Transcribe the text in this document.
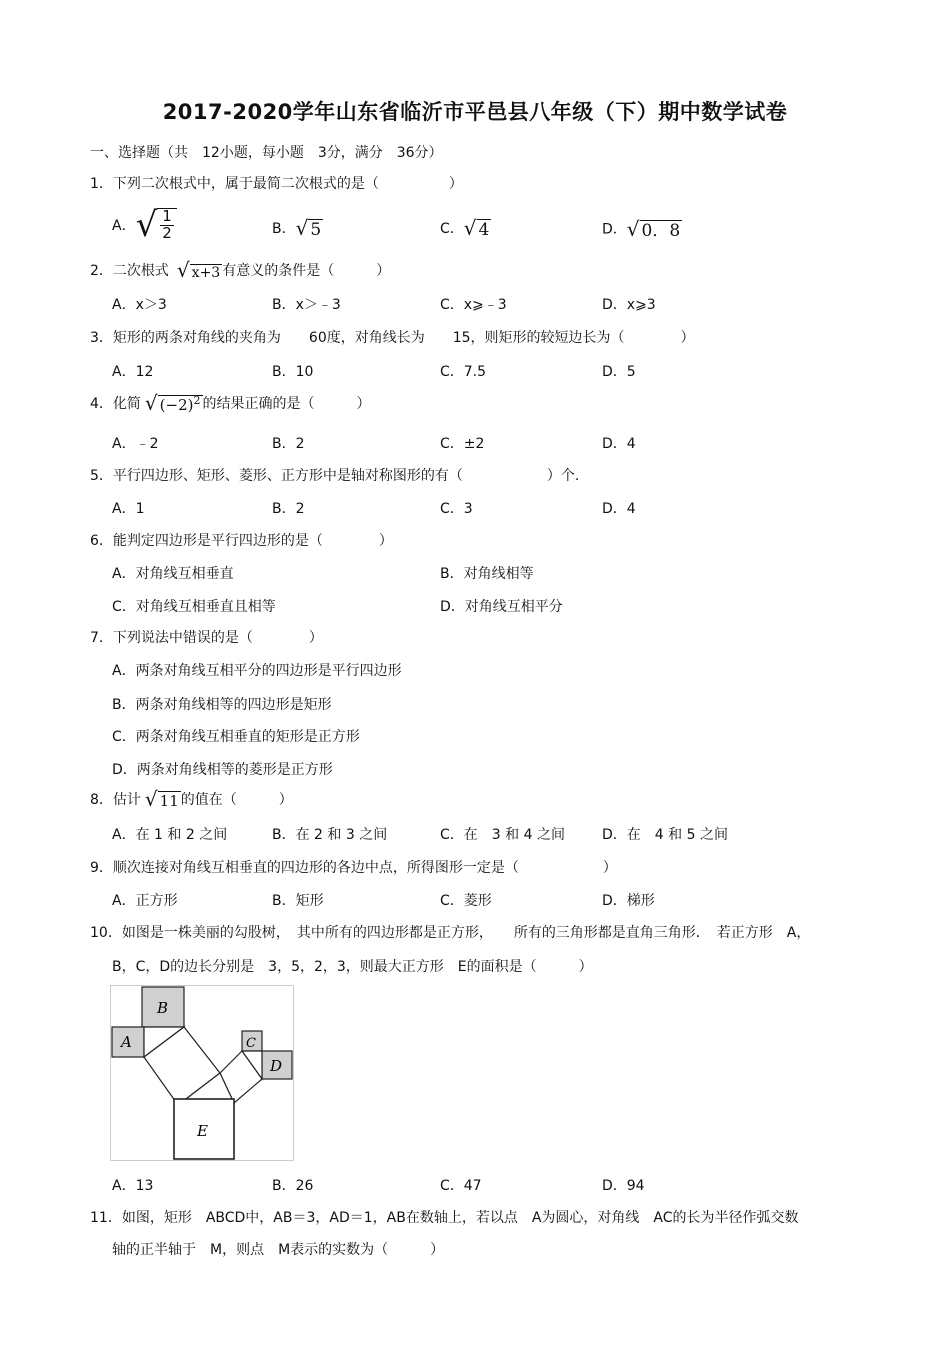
2017-2020学年山东省临沂市平邑县八年级（下）期中数学试卷
一、选择题（共　12小题，每小题　3分，满分　36分）
1．下列二次根式中，属于最简二次根式的是（　　　　　）
A．√ $\frac{1}{2}$	B．√ 5	C．√ 4	D．√ 0．8
2．二次根式 √ x+3 有意义的条件是（　　　）
A．x＞3	B．x＞﹣3	C．x⩾﹣3	D．x⩾3
3．矩形的两条对角线的夹角为　　60度，对角线长为　　15，则矩形的较短边长为（　　　　）
A．12	B．10	C．7.5	D．5
4．化简 √ $(-2)^2$ 的结果正确的是（　　　）
A．﹣2	B．2	C．±2	D．4
5．平行四边形、矩形、菱形、正方形中是轴对称图形的有（　　　　　　）个.
A．1	B．2	C．3	D．4
6．能判定四边形是平行四边形的是（　　　　）
A．对角线互相垂直	B．对角线相等
C．对角线互相垂直且相等	D．对角线互相平分
7．下列说法中错误的是（　　　　）
A．两条对角线互相平分的四边形是平行四边形
B．两条对角线相等的四边形是矩形
C．两条对角线互相垂直的矩形是正方形
D．两条对角线相等的菱形是正方形
8．估计 √ 11 的值在（　　　）
A．在 1 和 2 之间	B．在 2 和 3 之间	C．在　3 和 4 之间	D．在　4 和 5 之间
9．顺次连接对角线互相垂直的四边形的各边中点，所得图形一定是（　　　　　　）
A．正方形	B．矩形	C．菱形	D．梯形
10．如图是一株美丽的勾股树，　其中所有的四边形都是正方形，　　所有的三角形都是直角三角形．　若正方形　A，
B，C，D的边长分别是　3，5，2，3，则最大正方形　E的面积是（　　　）
B
A	C
D
E
A．13	B．26	C．47	D．94
11．如图，矩形　ABCD中，AB＝3，AD＝1，AB在数轴上，若以点　A为圆心，对角线　AC的长为半径作弧交数
轴的正半轴于　M，则点　M表示的实数为（　　　）
